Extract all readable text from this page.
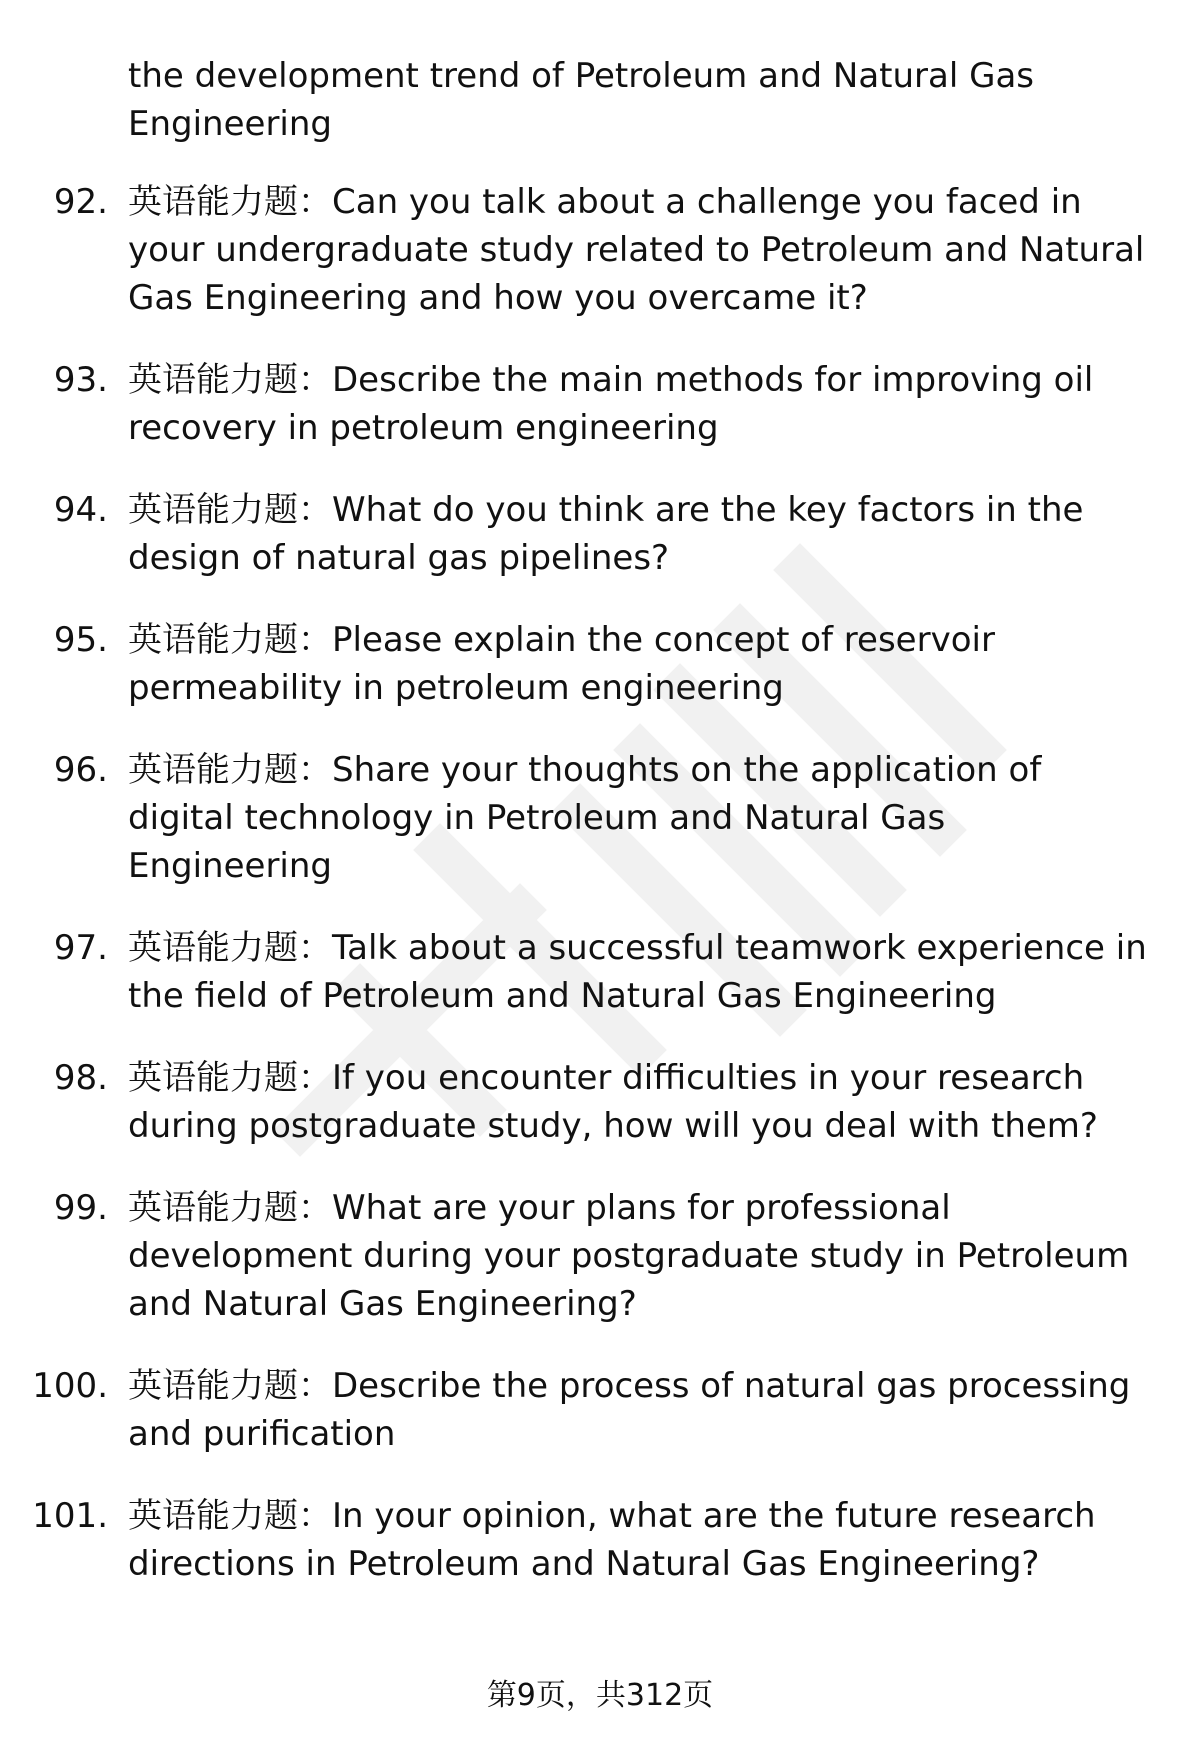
the development trend of Petroleum and Natural Gas Engineering
92. 英语能力题：Can you talk about a challenge you faced in your undergraduate study related to Petroleum and Natural Gas Engineering and how you overcame it?
93. 英语能力题：Describe the main methods for improving oil recovery in petroleum engineering
94. 英语能力题：What do you think are the key factors in the design of natural gas pipelines?
95. 英语能力题：Please explain the concept of reservoir permeability in petroleum engineering
96. 英语能力题：Share your thoughts on the application of digital technology in Petroleum and Natural Gas Engineering
97. 英语能力题：Talk about a successful teamwork experience in the field of Petroleum and Natural Gas Engineering
98. 英语能力题：If you encounter difficulties in your research during postgraduate study, how will you deal with them?
99. 英语能力题：What are your plans for professional development during your postgraduate study in Petroleum and Natural Gas Engineering?
100. 英语能力题：Describe the process of natural gas processing and purification
101. 英语能力题：In your opinion, what are the future research directions in Petroleum and Natural Gas Engineering?
第9页，共312页
